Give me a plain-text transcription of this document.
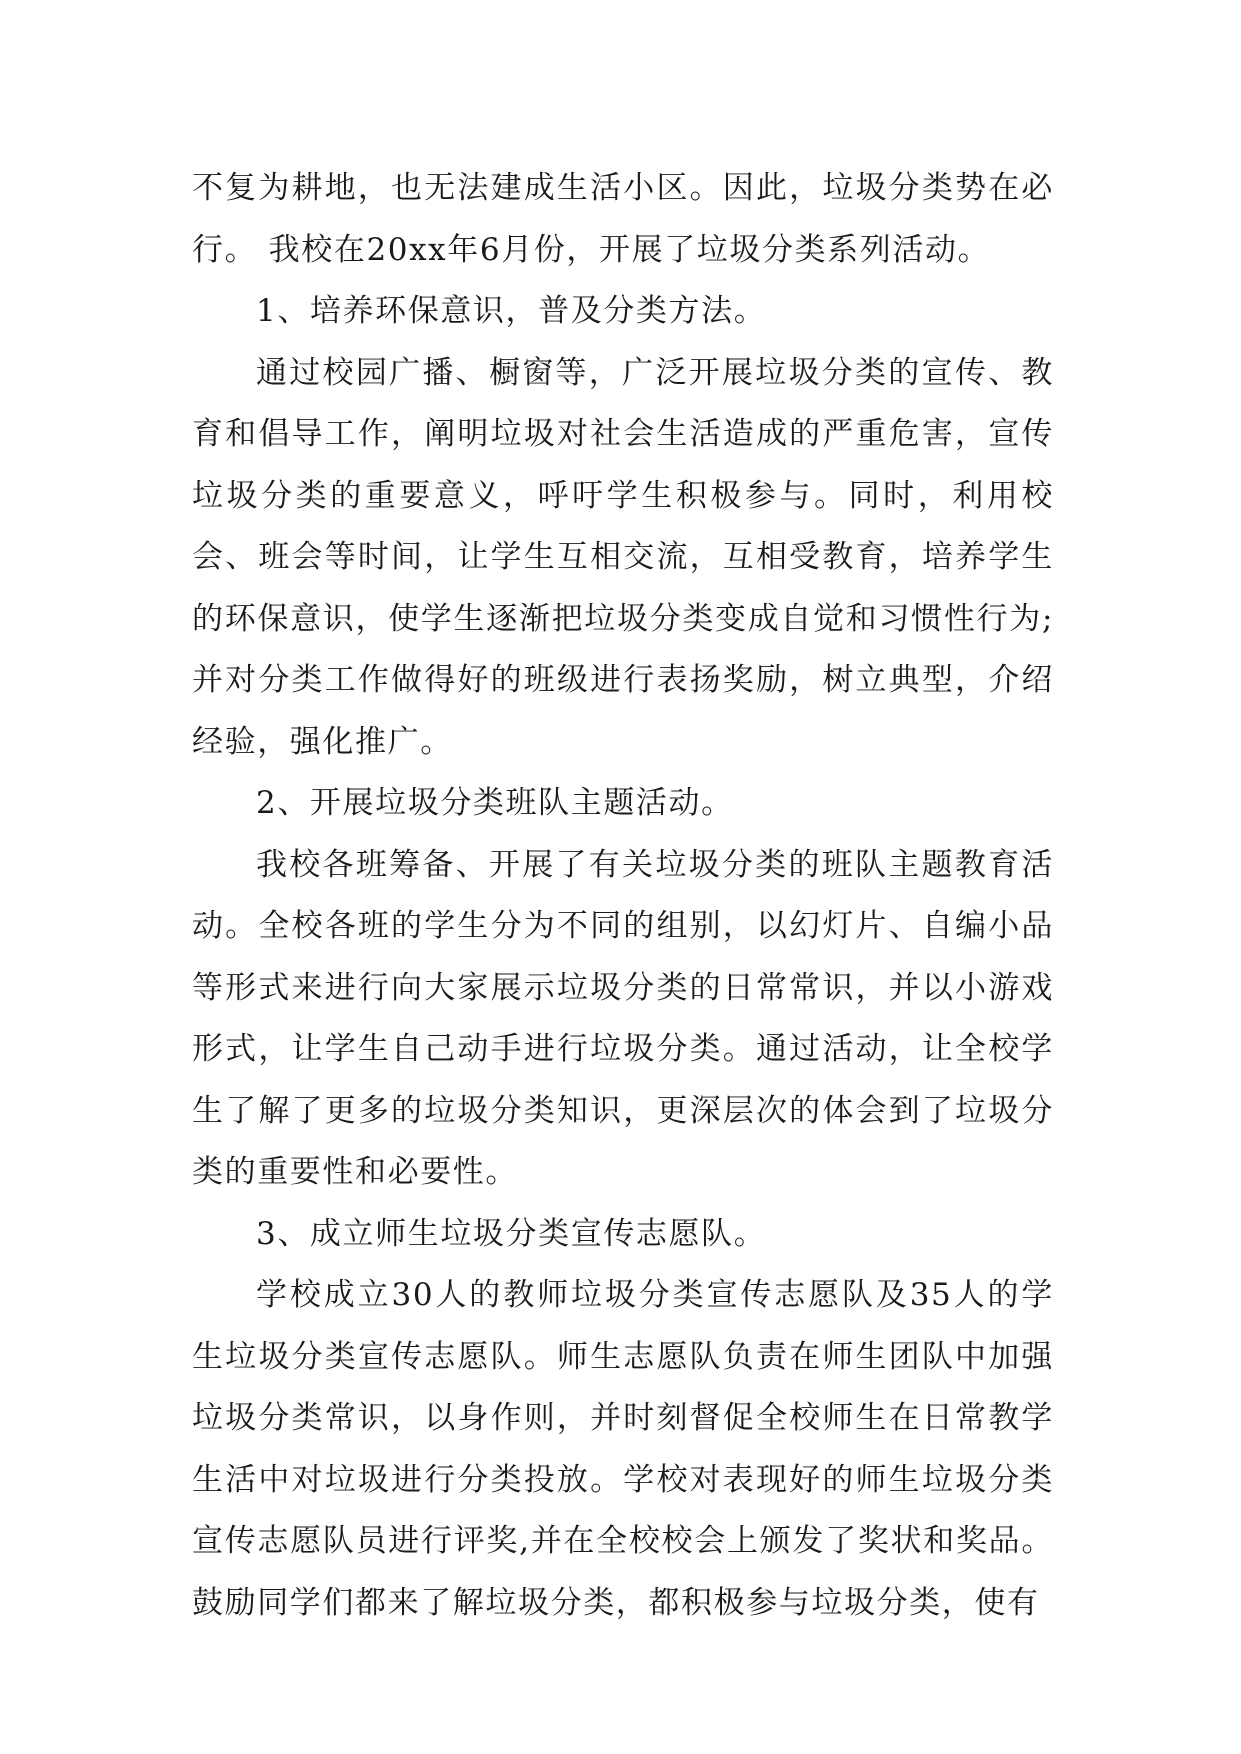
不复为耕地，也无法建成生活小区。因此，垃圾分类势在必行。 我校在20xx年6月份，开展了垃圾分类系列活动。

1、培养环保意识，普及分类方法。

通过校园广播、橱窗等，广泛开展垃圾分类的宣传、教育和倡导工作，阐明垃圾对社会生活造成的严重危害，宣传垃圾分类的重要意义，呼吁学生积极参与。同时，利用校会、班会等时间，让学生互相交流，互相受教育，培养学生的环保意识，使学生逐渐把垃圾分类变成自觉和习惯性行为;并对分类工作做得好的班级进行表扬奖励，树立典型，介绍经验，强化推广。

2、开展垃圾分类班队主题活动。

我校各班筹备、开展了有关垃圾分类的班队主题教育活动。全校各班的学生分为不同的组别，以幻灯片、自编小品等形式来进行向大家展示垃圾分类的日常常识，并以小游戏形式，让学生自己动手进行垃圾分类。通过活动，让全校学生了解了更多的垃圾分类知识，更深层次的体会到了垃圾分类的重要性和必要性。

3、成立师生垃圾分类宣传志愿队。

学校成立30人的教师垃圾分类宣传志愿队及35人的学生垃圾分类宣传志愿队。师生志愿队负责在师生团队中加强垃圾分类常识，以身作则，并时刻督促全校师生在日常教学生活中对垃圾进行分类投放。学校对表现好的师生垃圾分类宣传志愿队员进行评奖,并在全校校会上颁发了奖状和奖品。鼓励同学们都来了解垃圾分类，都积极参与垃圾分类，使有
